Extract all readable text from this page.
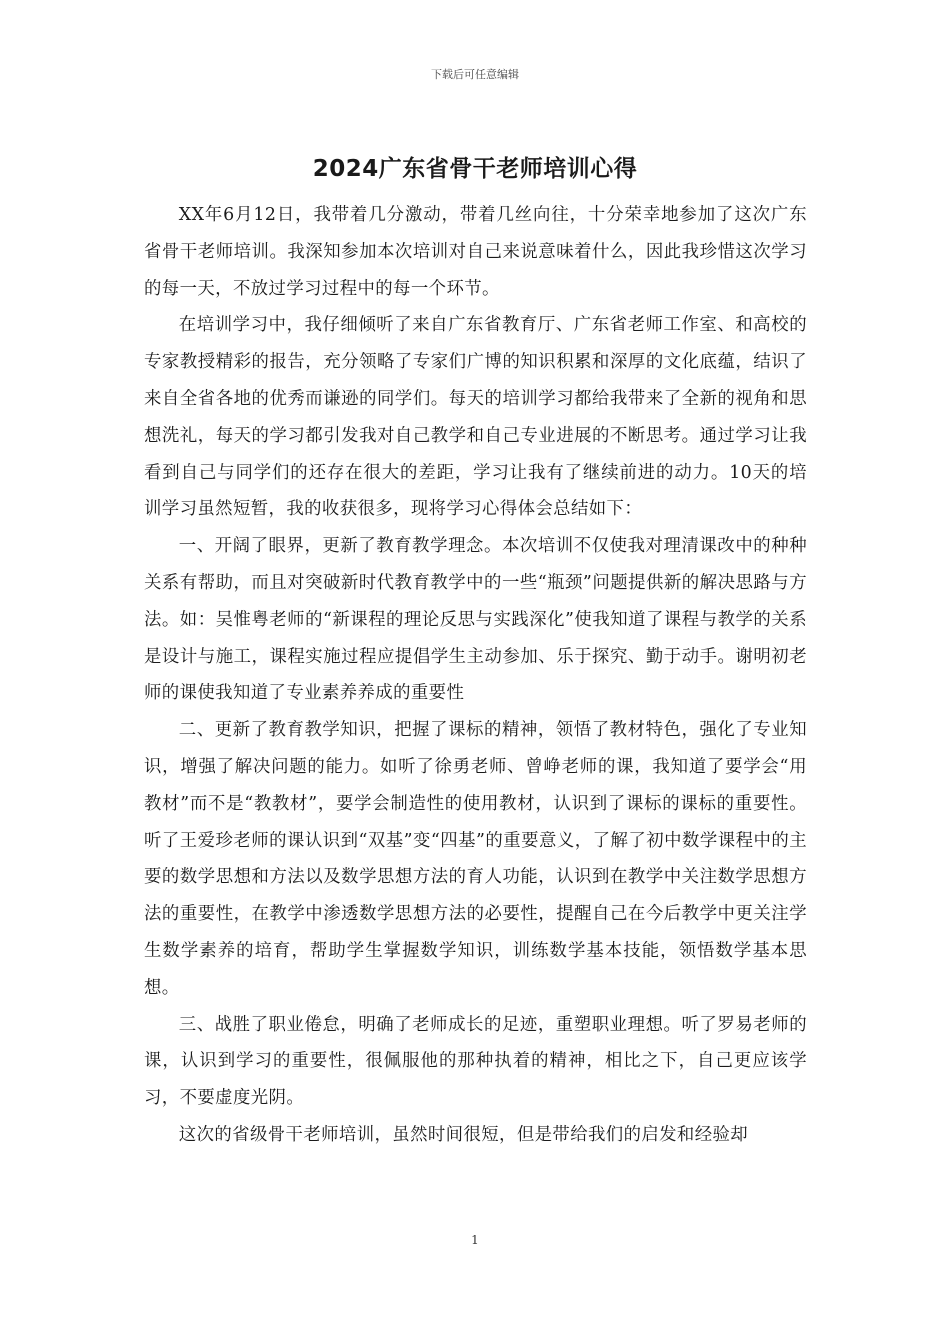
下载后可任意编辑
2024广东省骨干老师培训心得

XX年6月12日，我带着几分激动，带着几丝向往，十分荣幸地参加了这次广东省骨干老师培训。我深知参加本次培训对自己来说意味着什么，因此我珍惜这次学习的每一天，不放过学习过程中的每一个环节。

在培训学习中，我仔细倾听了来自广东省教育厅、广东省老师工作室、和高校的专家教授精彩的报告，充分领略了专家们广博的知识积累和深厚的文化底蕴，结识了来自全省各地的优秀而谦逊的同学们。每天的培训学习都给我带来了全新的视角和思想洗礼，每天的学习都引发我对自己教学和自己专业进展的不断思考。通过学习让我看到自己与同学们的还存在很大的差距，学习让我有了继续前进的动力。10天的培训学习虽然短暂，我的收获很多，现将学习心得体会总结如下：

一、开阔了眼界，更新了教育教学理念。本次培训不仅使我对理清课改中的种种关系有帮助，而且对突破新时代教育教学中的一些“瓶颈”问题提供新的解决思路与方法。如：吴惟粤老师的“新课程的理论反思与实践深化”使我知道了课程与教学的关系是设计与施工，课程实施过程应提倡学生主动参加、乐于探究、勤于动手。谢明初老师的课使我知道了专业素养养成的重要性

二、更新了教育教学知识，把握了课标的精神，领悟了教材特色，强化了专业知识，增强了解决问题的能力。如听了徐勇老师、曾峥老师的课，我知道了要学会“用教材”而不是“教教材”，要学会制造性的使用教材，认识到了课标的课标的重要性。听了王爱珍老师的课认识到“双基”变“四基”的重要意义，了解了初中数学课程中的主要的数学思想和方法以及数学思想方法的育人功能，认识到在教学中关注数学思想方法的重要性，在教学中渗透数学思想方法的必要性，提醒自己在今后教学中更关注学生数学素养的培育，帮助学生掌握数学知识，训练数学基本技能，领悟数学基本思想。

三、战胜了职业倦怠，明确了老师成长的足迹，重塑职业理想。听了罗易老师的课，认识到学习的重要性，很佩服他的那种执着的精神，相比之下，自己更应该学习，不要虚度光阴。

这次的省级骨干老师培训，虽然时间很短，但是带给我们的启发和经验却

1
